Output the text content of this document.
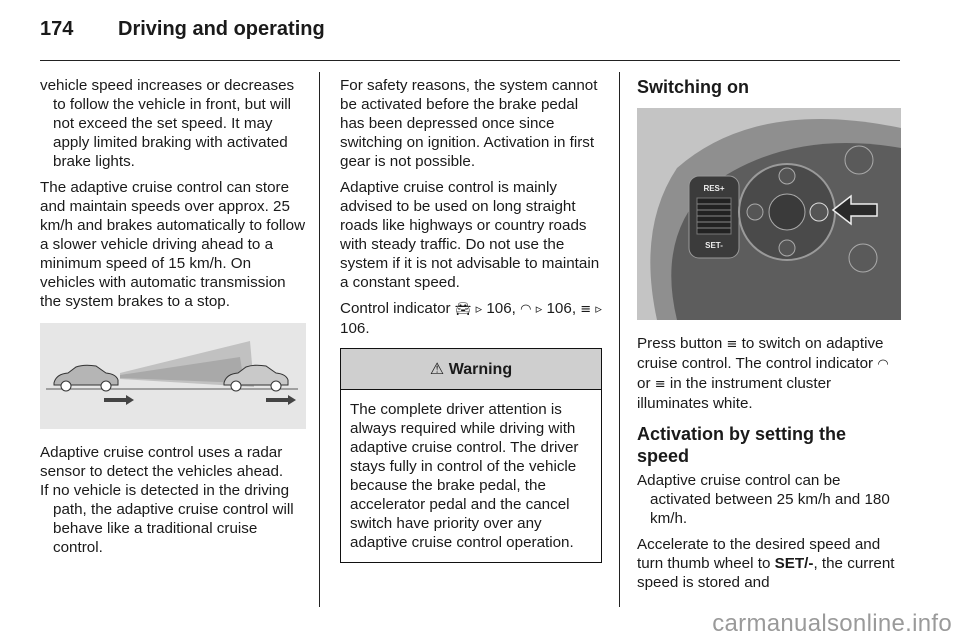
174	Driving and operating

vehicle speed increases or decreases to follow the vehicle in front, but will not exceed the set speed. It may apply limited braking with activated brake lights.

The adaptive cruise control can store and maintain speeds over approx. 25 km/h and brakes automatically to follow a slower vehicle driving ahead to a minimum speed of 15 km/h. On vehicles with automatic transmission the system brakes to a stop.

Adaptive cruise control uses a radar sensor to detect the vehicles ahead.

If no vehicle is detected in the driving path, the adaptive cruise control will behave like a traditional cruise control.

For safety reasons, the system cannot be activated before the brake pedal has been depressed once since switching on ignition. Activation in first gear is not possible.

Adaptive cruise control is mainly advised to be used on long straight roads like highways or country roads with steady traffic. Do not use the system if it is not advisable to maintain a constant speed.

Control indicator 🚘︎ ▹ 106, ◠ ▹ 106, ≡ ▹ 106.

⚠ Warning
The complete driver attention is always required while driving with adaptive cruise control. The driver stays fully in control of the vehicle because the brake pedal, the accelerator pedal and the cancel switch have priority over any adaptive cruise control operation.
Switching on
RES+
SET-

Press button ≡ to switch on adaptive cruise control. The control indicator ◠ or ≡ in the instrument cluster illuminates white.

Activation by setting the speed

Adaptive cruise control can be activated between 25 km/h and 180 km/h.

Accelerate to the desired speed and turn thumb wheel to SET/-, the current speed is stored and

carmanualsonline.info
